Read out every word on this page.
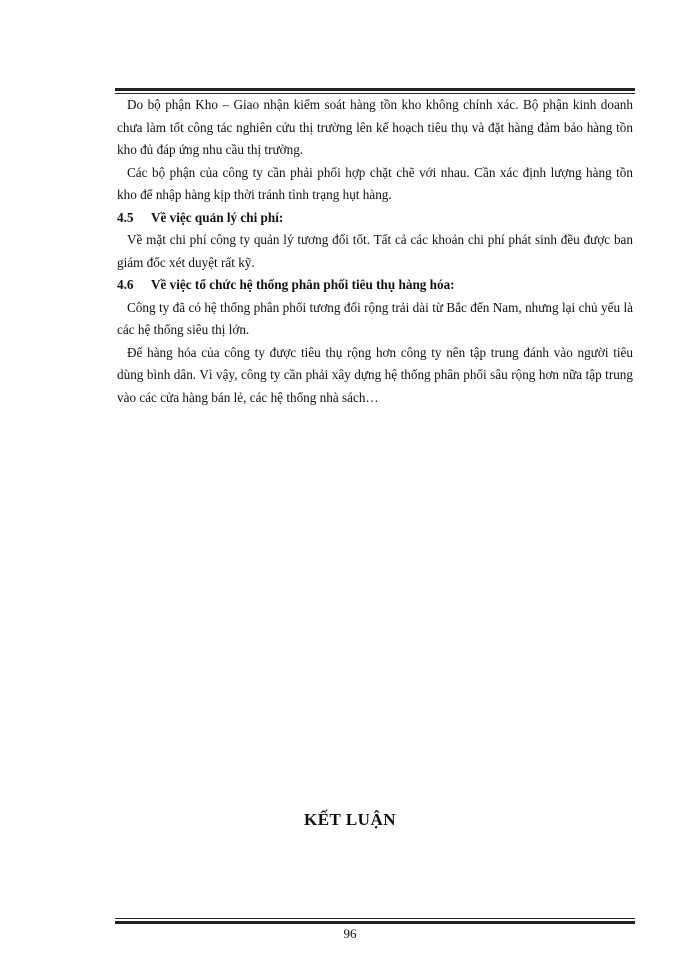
Do bộ phận Kho – Giao nhận kiểm soát hàng tồn kho không chính xác. Bộ phận kinh doanh chưa làm tốt công tác nghiên cứu thị trường lên kế hoạch tiêu thụ và đặt hàng đảm bảo hàng tồn kho đủ đáp ứng nhu cầu thị trường.

Các bộ phận của công ty cần phải phối hợp chặt chẽ với nhau. Cần xác định lượng hàng tồn kho để nhập hàng kịp thời tránh tình trạng hụt hàng.

4.5 Về việc quản lý chi phí:

Về mặt chi phí công ty quản lý tương đối tốt. Tất cả các khoản chi phí phát sinh đều được ban giám đốc xét duyệt rất kỹ.

4.6 Về việc tổ chức hệ thống phân phối tiêu thụ hàng hóa:

Công ty đã có hệ thống phân phối tương đối rộng trải dài từ Bắc đến Nam, nhưng lại chủ yếu là các hệ thống siêu thị lớn.

Để hàng hóa của công ty được tiêu thụ rộng hơn công ty nên tập trung đánh vào người tiêu dùng bình dân. Vì vậy, công ty cần phải xây dựng hệ thống phân phối sâu rộng hơn nữa tập trung vào các cửa hàng bán lẻ, các hệ thống nhà sách…

KẾT LUẬN
96
